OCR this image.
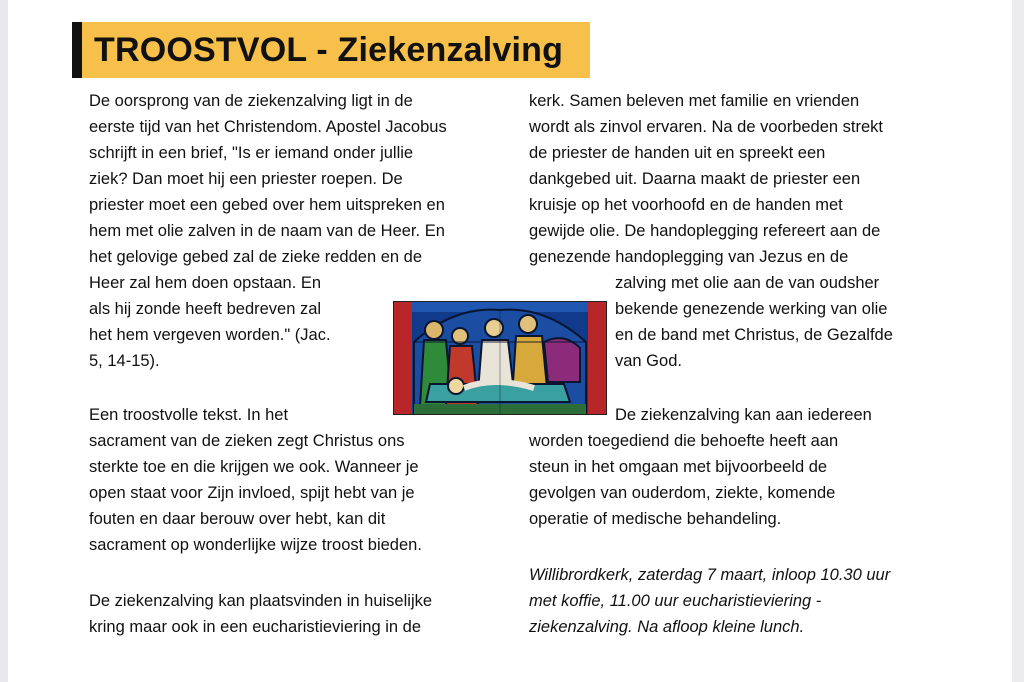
TROOSTVOL - Ziekenzalving
De oorsprong van de ziekenzalving ligt in de
eerste tijd van het Christendom. Apostel Jacobus
schrijft in een brief, "Is er iemand onder jullie
ziek? Dan moet hij een priester roepen. De
priester moet een gebed over hem uitspreken en
hem met olie zalven in de naam van de Heer. En
het gelovige gebed zal de zieke redden en de
Heer zal hem doen opstaan. En
als hij zonde heeft bedreven zal
het hem vergeven worden." (Jac.
5, 14-15).
Een troostvolle tekst. In het
sacrament van de zieken zegt Christus ons
sterkte toe en die krijgen we ook. Wanneer je
open staat voor Zijn invloed, spijt hebt van je
fouten en daar berouw over hebt, kan dit
sacrament op wonderlijke wijze troost bieden.
De ziekenzalving kan plaatsvinden in huiselijke
kring maar ook in een eucharistieviering in de
kerk. Samen beleven met familie en vrienden
wordt als zinvol ervaren. Na de voorbeden strekt
de priester de handen uit en spreekt een
dankgebed uit. Daarna maakt de priester een
kruisje op het voorhoofd en de handen met
gewijde olie. De handoplegging refereert aan de
genezende handoplegging van Jezus en de
zalving met olie aan de van oudsher
bekende genezende werking van olie
en de band met Christus, de Gezalfde
van God.
De ziekenzalving kan aan iedereen
worden toegediend die behoefte heeft aan
steun in het omgaan met bijvoorbeeld de
gevolgen van ouderdom, ziekte, komende
operatie of medische behandeling.
Willibrordkerk, zaterdag 7 maart, inloop 10.30 uur
met koffie, 11.00 uur eucharistieviering -
ziekenzalving. Na afloop kleine lunch.
